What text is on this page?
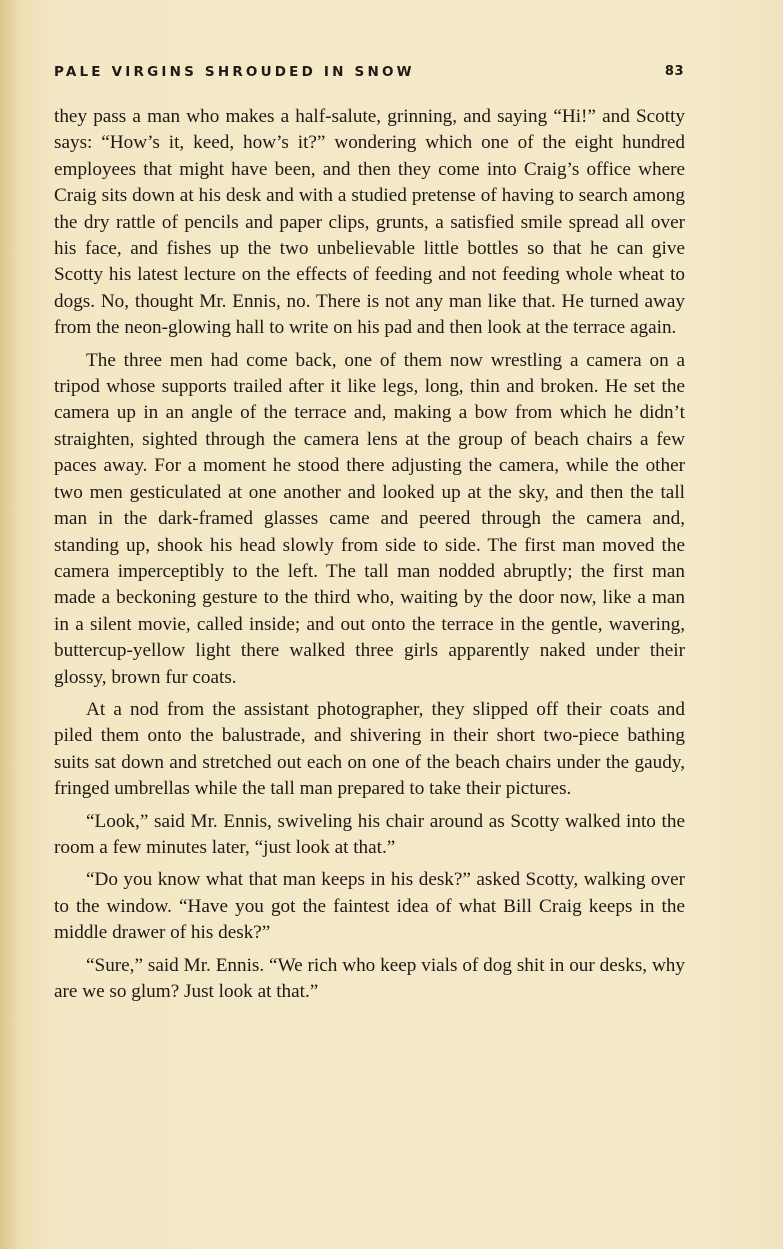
PALE VIRGINS SHROUDED IN SNOW	83

they pass a man who makes a half-salute, grinning, and saying “Hi!” and Scotty says: “How’s it, keed, how’s it?” wondering which one of the eight hundred employees that might have been, and then they come into Craig’s office where Craig sits down at his desk and with a studied pretense of having to search among the dry rattle of pencils and paper clips, grunts, a satisfied smile spread all over his face, and fishes up the two unbelievable little bottles so that he can give Scotty his latest lecture on the effects of feeding and not feeding whole wheat to dogs. No, thought Mr. Ennis, no. There is not any man like that. He turned away from the neon-glowing hall to write on his pad and then look at the terrace again.

The three men had come back, one of them now wrestling a camera on a tripod whose supports trailed after it like legs, long, thin and broken. He set the camera up in an angle of the terrace and, making a bow from which he didn’t straighten, sighted through the camera lens at the group of beach chairs a few paces away. For a moment he stood there adjusting the camera, while the other two men gesticulated at one another and looked up at the sky, and then the tall man in the dark-framed glasses came and peered through the camera and, standing up, shook his head slowly from side to side. The first man moved the camera imperceptibly to the left. The tall man nodded abruptly; the first man made a beckoning gesture to the third who, waiting by the door now, like a man in a silent movie, called inside; and out onto the terrace in the gentle, wavering, buttercup-yellow light there walked three girls apparently naked under their glossy, brown fur coats.

At a nod from the assistant photographer, they slipped off their coats and piled them onto the balustrade, and shivering in their short two-piece bathing suits sat down and stretched out each on one of the beach chairs under the gaudy, fringed umbrellas while the tall man prepared to take their pictures.

“Look,” said Mr. Ennis, swiveling his chair around as Scotty walked into the room a few minutes later, “just look at that.”

“Do you know what that man keeps in his desk?” asked Scotty, walking over to the window. “Have you got the faintest idea of what Bill Craig keeps in the middle drawer of his desk?”

“Sure,” said Mr. Ennis. “We rich who keep vials of dog shit in our desks, why are we so glum? Just look at that.”
